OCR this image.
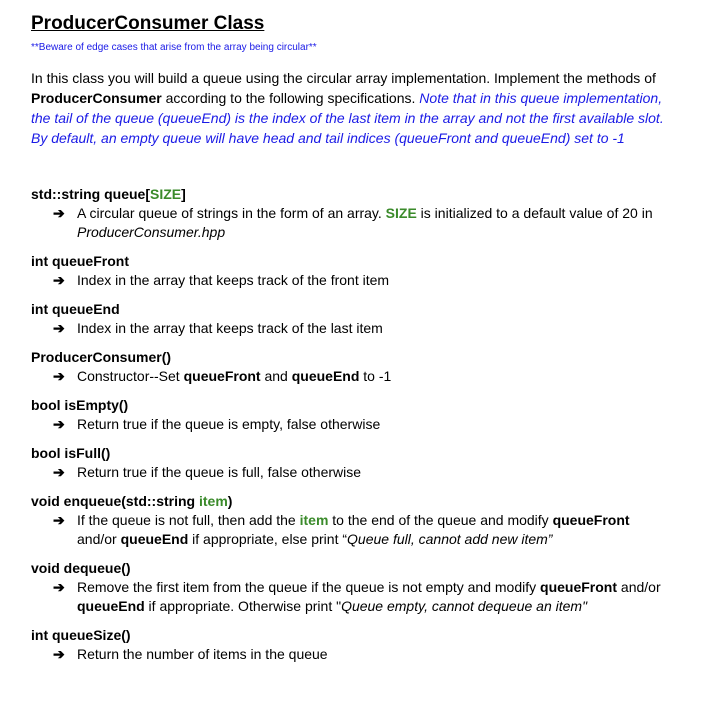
ProducerConsumer Class

**Beware of edge cases that arise from the array being circular**

In this class you will build a queue using the circular array implementation. Implement the methods of ProducerConsumer according to the following specifications. Note that in this queue implementation, the tail of the queue (queueEnd) is the index of the last item in the array and not the first available slot. By default, an empty queue will have head and tail indices (queueFront and queueEnd) set to -1

std::string queue[SIZE]

➔ A circular queue of strings in the form of an array. SIZE is initialized to a default value of 20 in ProducerConsumer.hpp

int queueFront

➔ Index in the array that keeps track of the front item

int queueEnd

➔ Index in the array that keeps track of the last item

ProducerConsumer()

➔ Constructor--Set queueFront and queueEnd to -1

bool isEmpty()

➔ Return true if the queue is empty, false otherwise

bool isFull()

➔ Return true if the queue is full, false otherwise

void enqueue(std::string item)

➔ If the queue is not full, then add the item to the end of the queue and modify queueFront and/or queueEnd if appropriate, else print “Queue full, cannot add new item”

void dequeue()

➔ Remove the first item from the queue if the queue is not empty and modify queueFront and/or queueEnd if appropriate. Otherwise print "Queue empty, cannot dequeue an item"

int queueSize()

➔ Return the number of items in the queue
